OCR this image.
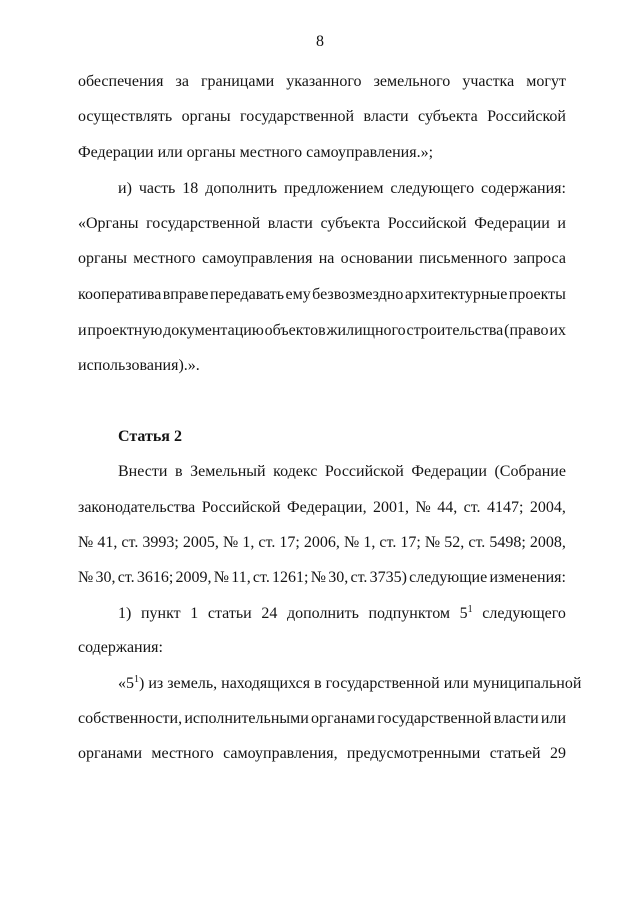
8
обеспечения за границами указанного земельного участка могут
осуществлять органы государственной власти субъекта Российской
Федерации или органы местного самоуправления.»;
и) часть 18 дополнить предложением следующего содержания:
«Органы государственной власти субъекта Российской Федерации и
органы местного самоуправления на основании письменного запроса
кооператива вправе передавать ему безвозмездно архитектурные проекты
и проектную документацию объектов жилищного строительства (право их
использования).».
Статья 2
Внести в Земельный кодекс Российской Федерации (Собрание
законодательства Российской Федерации, 2001, № 44, ст. 4147; 2004,
№ 41, ст. 3993; 2005, № 1, ст. 17; 2006, № 1, ст. 17; № 52, ст. 5498; 2008,
№ 30, ст. 3616; 2009, № 11, ст. 1261; № 30, ст. 3735) следующие изменения:
1) пункт 1 статьи 24 дополнить подпунктом $5^1$ следующего
содержания:
«$5^1$) из земель, находящихся в государственной или муниципальной
собственности, исполнительными органами государственной власти или
органами местного самоуправления, предусмотренными статьей 29
